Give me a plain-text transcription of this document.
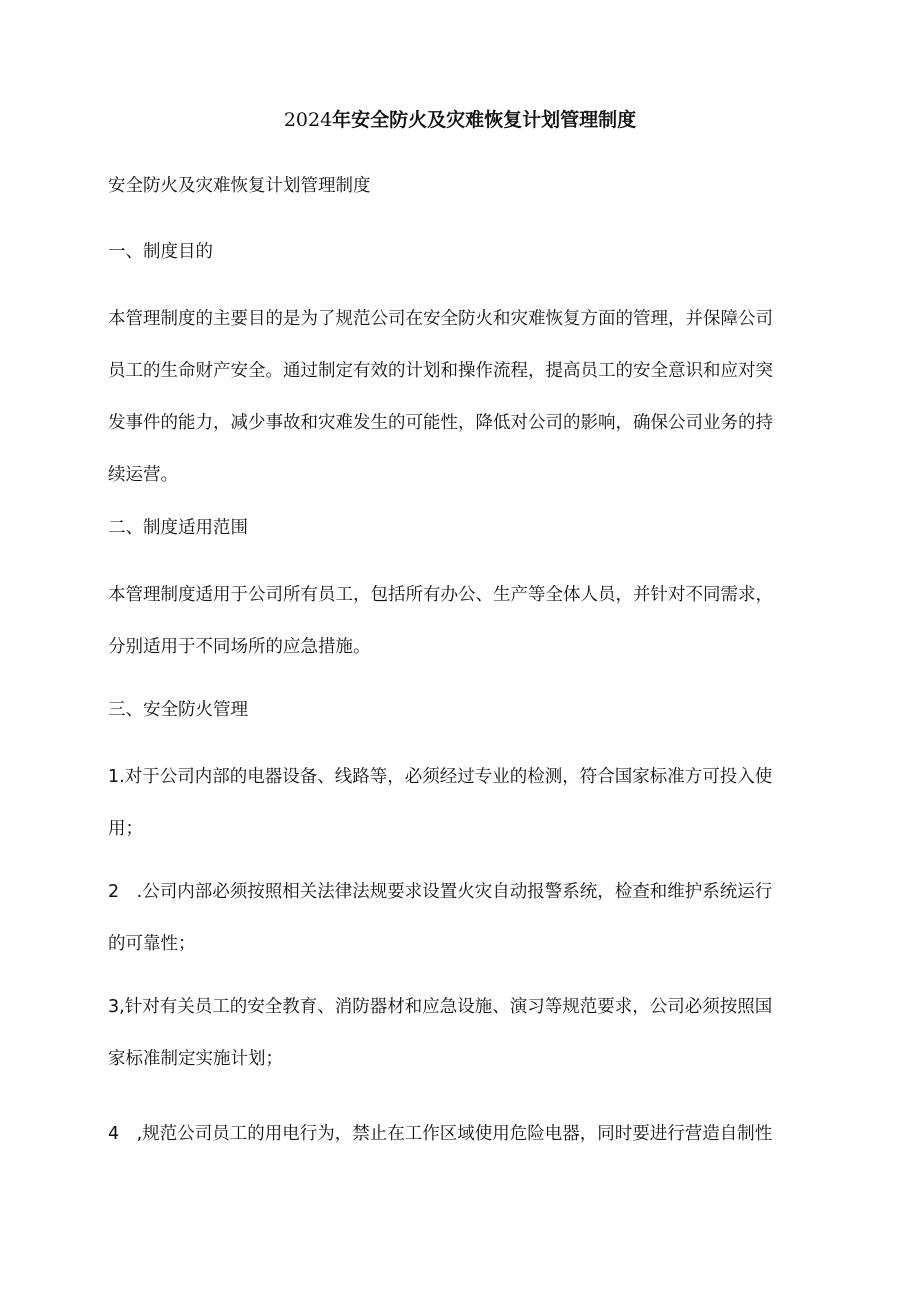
2024年安全防火及灾难恢复计划管理制度
安全防火及灾难恢复计划管理制度
一、制度目的
本管理制度的主要目的是为了规范公司在安全防火和灾难恢复方面的管理，并保障公司
员工的生命财产安全。通过制定有效的计划和操作流程，提高员工的安全意识和应对突
发事件的能力，减少事故和灾难发生的可能性，降低对公司的影响，确保公司业务的持
续运营。
二、制度适用范围
本管理制度适用于公司所有员工，包括所有办公、生产等全体人员，并针对不同需求，
分别适用于不同场所的应急措施。
三、安全防火管理
1.对于公司内部的电器设备、线路等，必须经过专业的检测，符合国家标准方可投入使
用；
2　.公司内部必须按照相关法律法规要求设置火灾自动报警系统，检查和维护系统运行
的可靠性；
3,针对有关员工的安全教育、消防器材和应急设施、演习等规范要求，公司必须按照国
家标准制定实施计划；
4　,规范公司员工的用电行为，禁止在工作区域使用危险电器，同时要进行营造自制性
